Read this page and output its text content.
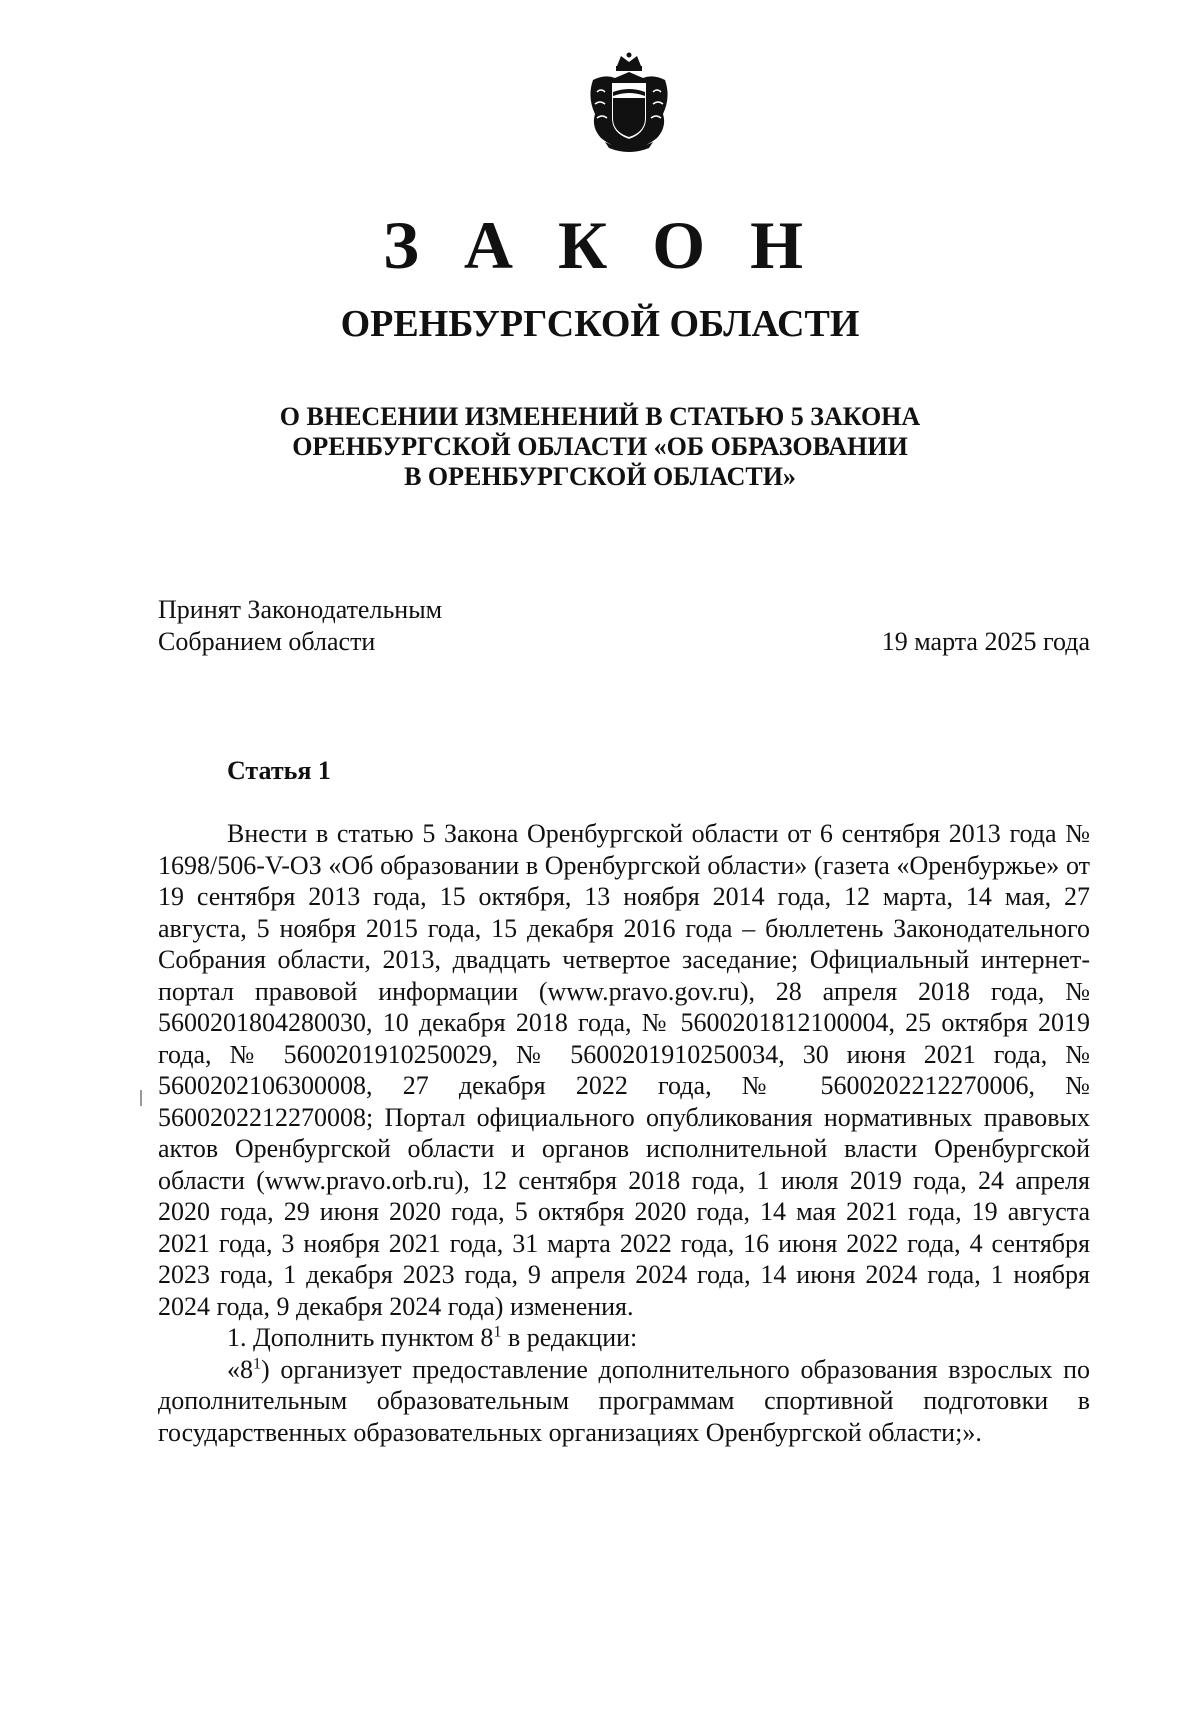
З А К О Н
ОРЕНБУРГСКОЙ ОБЛАСТИ
О ВНЕСЕНИИ ИЗМЕНЕНИЙ В СТАТЬЮ 5 ЗАКОНА
ОРЕНБУРГСКОЙ ОБЛАСТИ «ОБ ОБРАЗОВАНИИ
В ОРЕНБУРГСКОЙ ОБЛАСТИ»
Принят Законодательным
Собранием области	19 марта 2025 года
Статья 1

Внести в статью 5 Закона Оренбургской области от 6 сентября 2013 года № 1698/506-V-ОЗ «Об образовании в Оренбургской области» (газета «Оренбуржье» от 19 сентября 2013 года, 15 октября, 13 ноября 2014 года, 12 марта, 14 мая, 27 августа, 5 ноября 2015 года, 15 декабря 2016 года – бюллетень Законодательного Собрания области, 2013, двадцать четвертое заседание; Официальный интернет-портал правовой информации (www.pravo.gov.ru), 28 апреля 2018 года, № 5600201804280030, 10 декабря 2018 года, № 5600201812100004, 25 октября 2019 года, № 5600201910250029, № 5600201910250034, 30 июня 2021 года, № 5600202106300008, 27 декабря 2022 года, № 5600202212270006, № 5600202212270008; Портал официального опубликования нормативных правовых актов Оренбургской области и органов исполнительной власти Оренбургской области (www.pravo.orb.ru), 12 сентября 2018 года, 1 июля 2019 года, 24 апреля 2020 года, 29 июня 2020 года, 5 октября 2020 года, 14 мая 2021 года, 19 августа 2021 года, 3 ноября 2021 года, 31 марта 2022 года, 16 июня 2022 года, 4 сентября 2023 года, 1 декабря 2023 года, 9 апреля 2024 года, 14 июня 2024 года, 1 ноября 2024 года, 9 декабря 2024 года) изменения.

1. Дополнить пунктом $8^1$ в редакции:

«$8^1$) организует предоставление дополнительного образования взрослых по дополнительным образовательным программам спортивной подготовки в государственных образовательных организациях Оренбургской области;».
